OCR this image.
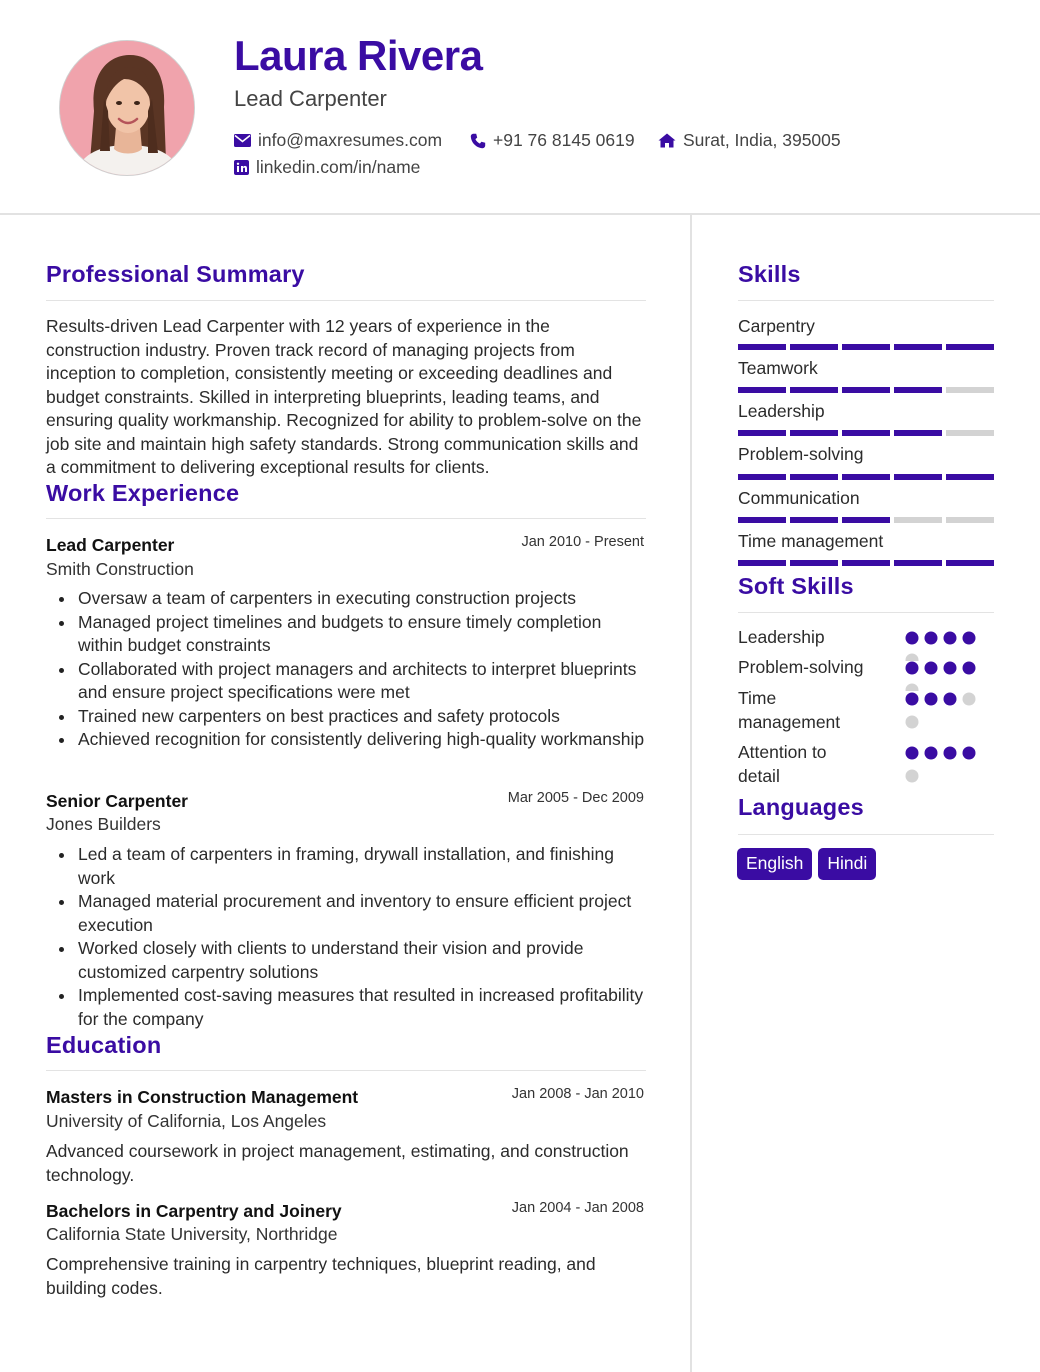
Laura Rivera
Lead Carpenter
info@maxresumes.com	+91 76 8145 0619	Surat, India, 395005
linkedin.com/in/name
Professional Summary
Results-driven Lead Carpenter with 12 years of experience in the construction industry. Proven track record of managing projects from inception to completion, consistently meeting or exceeding deadlines and budget constraints. Skilled in interpreting blueprints, leading teams, and ensuring quality workmanship. Recognized for ability to problem-solve on the job site and maintain high safety standards. Strong communication skills and a commitment to delivering exceptional results for clients.
Work Experience
Lead Carpenter	Jan 2010 - Present
Smith Construction
Oversaw a team of carpenters in executing construction projects
Managed project timelines and budgets to ensure timely completion within budget constraints
Collaborated with project managers and architects to interpret blueprints and ensure project specifications were met
Trained new carpenters on best practices and safety protocols
Achieved recognition for consistently delivering high-quality workmanship
Senior Carpenter	Mar 2005 - Dec 2009
Jones Builders
Led a team of carpenters in framing, drywall installation, and finishing work
Managed material procurement and inventory to ensure efficient project execution
Worked closely with clients to understand their vision and provide customized carpentry solutions
Implemented cost-saving measures that resulted in increased profitability for the company
Education
Masters in Construction Management	Jan 2008 - Jan 2010
University of California, Los Angeles
Advanced coursework in project management, estimating, and construction technology.
Bachelors in Carpentry and Joinery	Jan 2004 - Jan 2008
California State University, Northridge
Comprehensive training in carpentry techniques, blueprint reading, and building codes.
Skills
Carpentry
Teamwork
Leadership
Problem-solving
Communication
Time management
Soft Skills
Leadership
Problem-solving
Time management
Attention to detail
Languages
English	Hindi
